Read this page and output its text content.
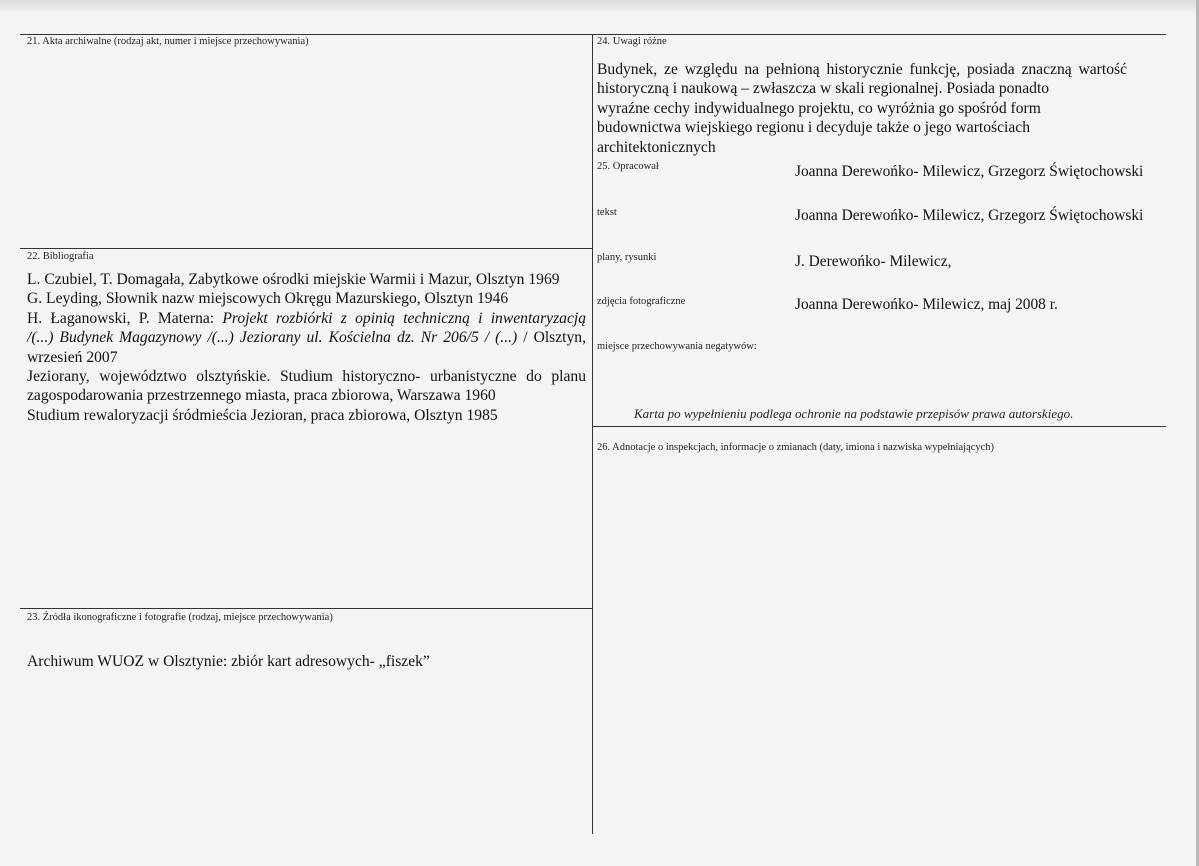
21. Akta archiwalne (rodzaj akt, numer i miejsce przechowywania)
22. Bibliografia
L. Czubiel, T. Domagała, Zabytkowe ośrodki miejskie Warmii i Mazur, Olsztyn 1969
G. Leyding, Słownik nazw miejscowych Okręgu Mazurskiego, Olsztyn 1946
H. Łaganowski, P. Materna: Projekt rozbiórki z opinią techniczną i inwentaryzacją
/(...) Budynek Magazynowy /(...) Jeziorany ul. Kościelna dz. Nr 206/5 / (...) / Olsztyn,
wrzesień 2007
Jeziorany, województwo olsztyńskie. Studium historyczno- urbanistyczne do planu
zagospodarowania przestrzennego miasta, praca zbiorowa, Warszawa 1960
Studium rewaloryzacji śródmieścia Jezioran, praca zbiorowa, Olsztyn 1985
23. Źródła ikonograficzne i fotografie (rodzaj, miejsce przechowywania)
Archiwum WUOZ w Olsztynie: zbiór kart adresowych- „fiszek”
24. Uwagi różne
Budynek, ze względu na pełnioną historycznie funkcję, posiada znaczną wartość
historyczną i naukową – zwłaszcza w skali regionalnej. Posiada ponadto
wyraźne cechy indywidualnego projektu, co wyróżnia go spośród form
budownictwa wiejskiego regionu i decyduje także o jego wartościach
architektonicznych
25. Opracował	Joanna Derewońko- Milewicz, Grzegorz Świętochowski
tekst	Joanna Derewońko- Milewicz, Grzegorz Świętochowski
plany, rysunki	J. Derewońko- Milewicz,
zdjęcia fotograficzne	Joanna Derewońko- Milewicz, maj 2008 r.
miejsce przechowywania negatywów:
Karta po wypełnieniu podlega ochronie na podstawie przepisów prawa autorskiego.
26. Adnotacje o inspekcjach, informacje o zmianach (daty, imiona i nazwiska wypełniających)
